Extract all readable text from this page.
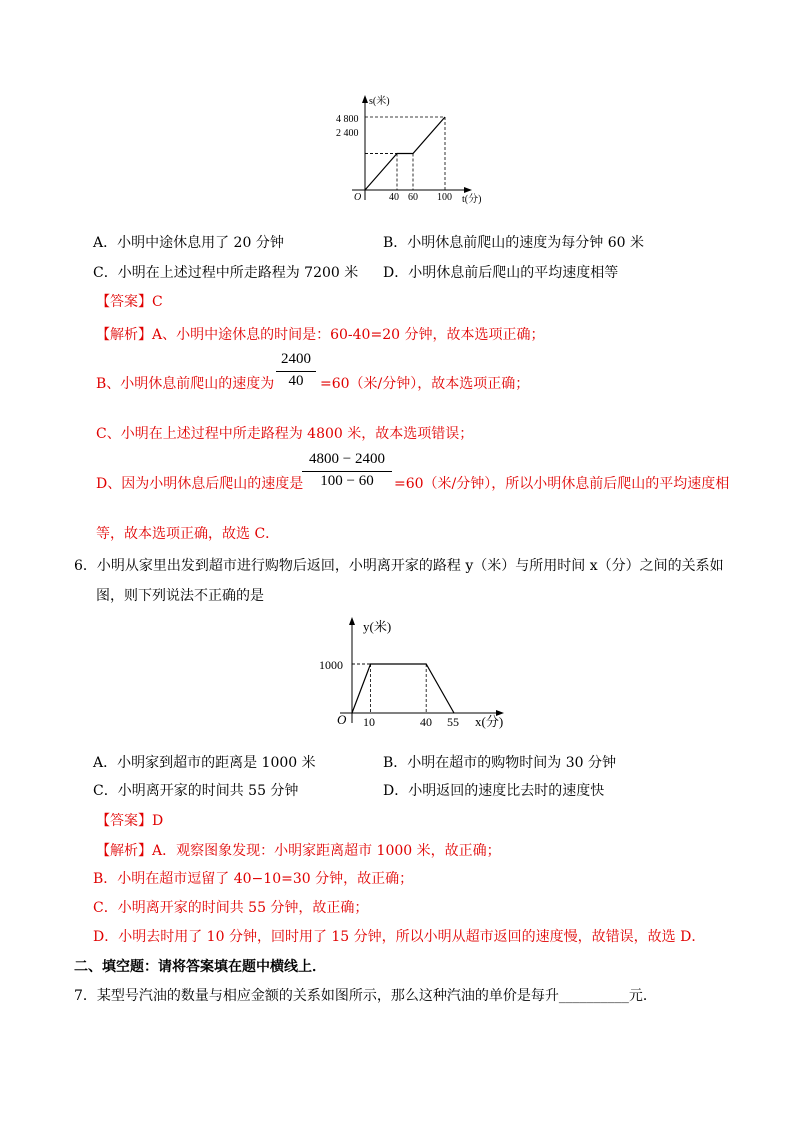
s(米)
t(分)
O
4 800
2 400
40 60 100
A．小明中途休息用了 20 分钟	B．小明休息前爬山的速度为每分钟 60 米
C．小明在上述过程中所走路程为 7200 米 D．小明休息前后爬山的平均速度相等
【答案】C
【解析】A、小明中途休息的时间是：60-40=20 分钟，故本选项正确；
B、小明休息前爬山的速度为
2400
40	=60（米/分钟），故本选项正确；
C、小明在上述过程中所走路程为 4800 米，故本选项错误；
D、因为小明休息后爬山的速度是
4800 − 2400
100 − 60	=60（米/分钟），所以小明休息前后爬山的平均速度相
等，故本选项正确，故选 C．
6．小明从家里出发到超市进行购物后返回，小明离开家的路程 y（米）与所用时间 x（分）之间的关系如
图，则下列说法不正确的是
y(米)
x(分)
O
1000
10	40 55
A．小明家到超市的距离是 1000 米	B．小明在超市的购物时间为 30 分钟
C．小明离开家的时间共 55 分钟	D．小明返回的速度比去时的速度快
【答案】D
【解析】A．观察图象发现：小明家距离超市 1000 米，故正确；
B．小明在超市逗留了 40−10=30 分钟，故正确；
C．小明离开家的时间共 55 分钟，故正确；
D．小明去时用了 10 分钟，回时用了 15 分钟，所以小明从超市返回的速度慢，故错误，故选 D．
二、填空题：请将答案填在题中横线上．
7．某型号汽油的数量与相应金额的关系如图所示，那么这种汽油的单价是每升__________元．
